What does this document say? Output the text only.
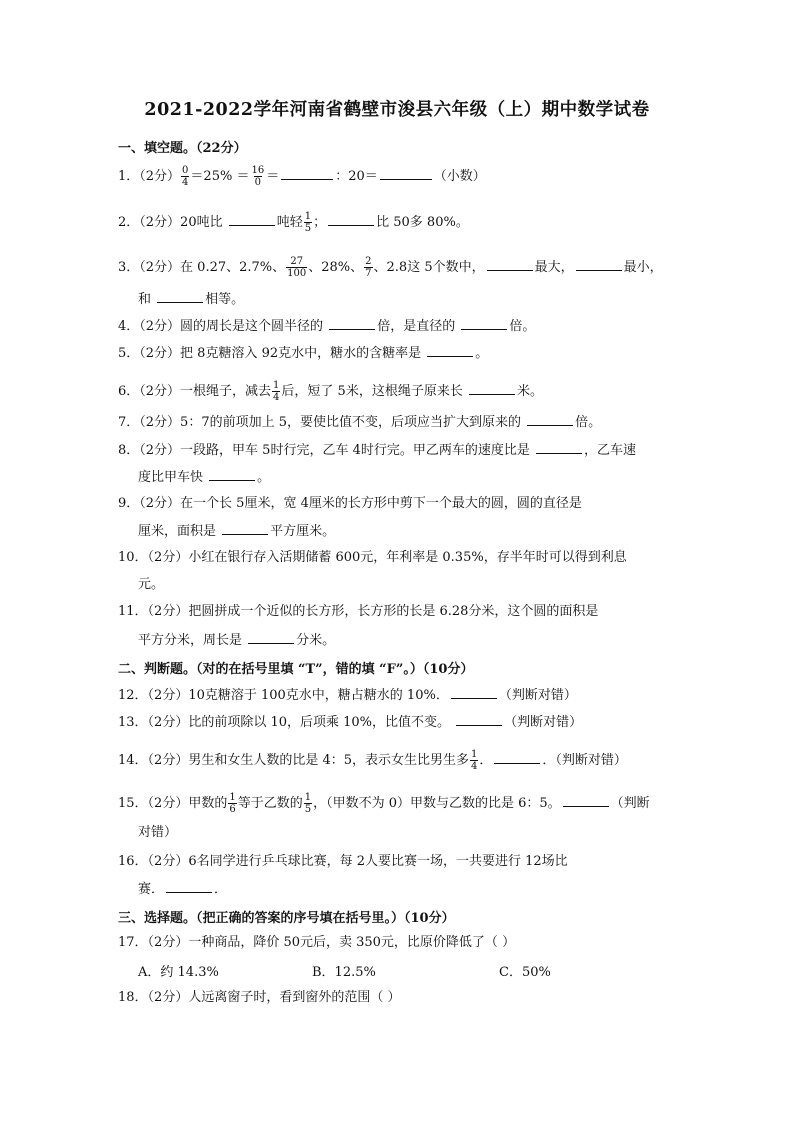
2021-2022学年河南省鹤壁市浚县六年级（上）期中数学试卷
一、填空题。（22分）
1．（2分） $\frac{0}{4} =25\% = \frac{16}{0}$ ＝	：20＝	（小数）
2．（2分）20吨比	吨轻 $\frac{1}{5}$ ；	比 50多 80%。
3．（2分）在 0.27、2.7%、 $\frac{27}{100}$ 、28%、 $\frac{2}{7}$ 、2.8这 5个数中，	最大，	最小，
和	相等。
4．（2分）圆的周长是这个圆半径的	倍，是直径的	倍。
5．（2分）把 8克糖溶入 92克水中，糖水的含糖率是	。
6．（2分）一根绳子，减去 $\frac{1}{4}$ 后，短了 5米，这根绳子原来长	米。
7．（2分）5：7的前项加上 5，要使比值不变，后项应当扩大到原来的	倍。
8．（2分）一段路，甲车 5时行完，乙车 4时行完。甲乙两车的速度比是	，乙车速
度比甲车快	。
9．（2分）在一个长 5厘米，宽 4厘米的长方形中剪下一个最大的圆，圆的直径是
厘米，面积是	平方厘米。
10．（2分）小红在银行存入活期储蓄 600元，年利率是 0.35%，存半年时可以得到利息
元。
11．（2分）把圆拼成一个近似的长方形，长方形的长是 6.28分米，这个圆的面积是
平方分米，周长是	分米。
二、判断题。（对的在括号里填 “T”，错的填 “F”。）（10分）
12．（2分）10克糖溶于 100克水中，糖占糖水的 10%．	（判断对错）
13．（2分）比的前项除以 10，后项乘 10%，比值不变。	（判断对错）
14．（2分）男生和女生人数的比是 4：5，表示女生比男生多 $\frac{1}{4}$ ．	．（判断对错）
15．（2分）甲数的 $\frac{1}{6}$ 等于乙数的 $\frac{1}{5}$ ，（甲数不为 0）甲数与乙数的比是 6：5。	（判断
对错）
16．（2分）6名同学进行乒乓球比赛，每 2人要比赛一场，一共要进行 12场比
赛．	．
三、选择题。（把正确的答案的序号填在括号里。）（10分）
17．（2分）一种商品，降价 50元后，卖 350元，比原价降低了（ ）
A．约 14.3%	B．12.5%	C．50%
18．（2分）人远离窗子时，看到窗外的范围（ ）
